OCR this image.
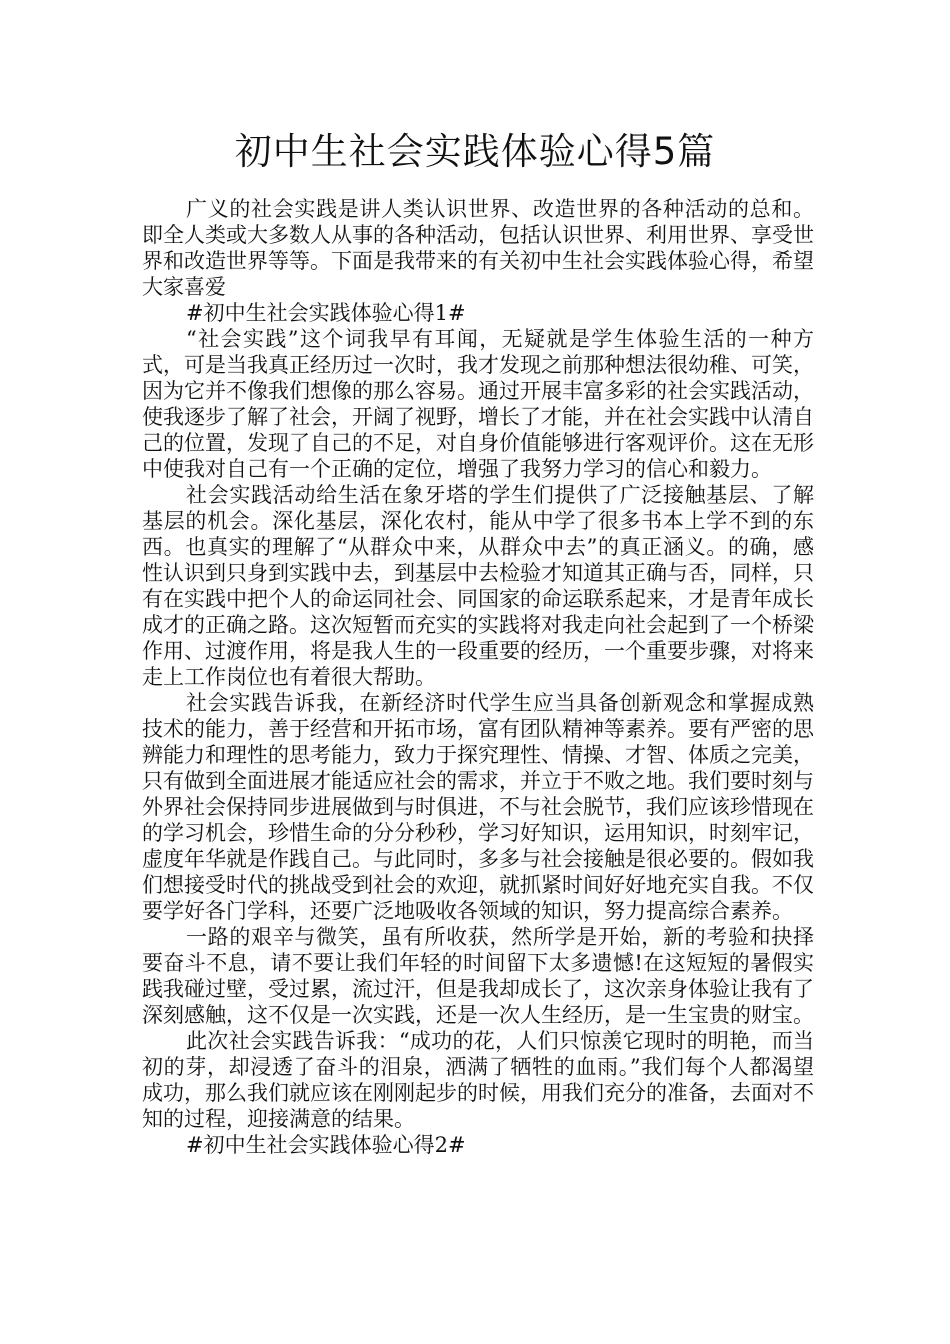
初中生社会实践体验心得5篇

广义的社会实践是讲人类认识世界、改造世界的各种活动的总和。即全人类或大多数人从事的各种活动，包括认识世界、利用世界、享受世界和改造世界等等。下面是我带来的有关初中生社会实践体验心得，希望大家喜爱

#初中生社会实践体验心得1#

“社会实践”这个词我早有耳闻，无疑就是学生体验生活的一种方式，可是当我真正经历过一次时，我才发现之前那种想法很幼稚、可笑，因为它并不像我们想像的那么容易。通过开展丰富多彩的社会实践活动，使我逐步了解了社会，开阔了视野，增长了才能，并在社会实践中认清自己的位置，发现了自己的不足，对自身价值能够进行客观评价。这在无形中使我对自己有一个正确的定位，增强了我努力学习的信心和毅力。

社会实践活动给生活在象牙塔的学生们提供了广泛接触基层、了解基层的机会。深化基层，深化农村，能从中学了很多书本上学不到的东西。也真实的理解了“从群众中来，从群众中去”的真正涵义。的确，感性认识到只身到实践中去，到基层中去检验才知道其正确与否，同样，只有在实践中把个人的命运同社会、同国家的命运联系起来，才是青年成长成才的正确之路。这次短暂而充实的实践将对我走向社会起到了一个桥梁作用、过渡作用，将是我人生的一段重要的经历，一个重要步骤，对将来走上工作岗位也有着很大帮助。

社会实践告诉我，在新经济时代学生应当具备创新观念和掌握成熟技术的能力，善于经营和开拓市场，富有团队精神等素养。要有严密的思辨能力和理性的思考能力，致力于探究理性、情操、才智、体质之完美，只有做到全面进展才能适应社会的需求，并立于不败之地。我们要时刻与外界社会保持同步进展做到与时俱进，不与社会脱节，我们应该珍惜现在的学习机会，珍惜生命的分分秒秒，学习好知识，运用知识，时刻牢记，虚度年华就是作践自己。与此同时，多多与社会接触是很必要的。假如我们想接受时代的挑战受到社会的欢迎，就抓紧时间好好地充实自我。不仅要学好各门学科，还要广泛地吸收各领域的知识，努力提高综合素养。

一路的艰辛与微笑，虽有所收获，然所学是开始，新的考验和抉择要奋斗不息，请不要让我们年轻的时间留下太多遗憾!在这短短的暑假实践我碰过壁，受过累，流过汗，但是我却成长了，这次亲身体验让我有了深刻感触，这不仅是一次实践，还是一次人生经历，是一生宝贵的财宝。

此次社会实践告诉我：“成功的花，人们只惊羡它现时的明艳，而当初的芽，却浸透了奋斗的泪泉，洒满了牺牲的血雨。”我们每个人都渴望成功，那么我们就应该在刚刚起步的时候，用我们充分的准备，去面对不知的过程，迎接满意的结果。

#初中生社会实践体验心得2#
